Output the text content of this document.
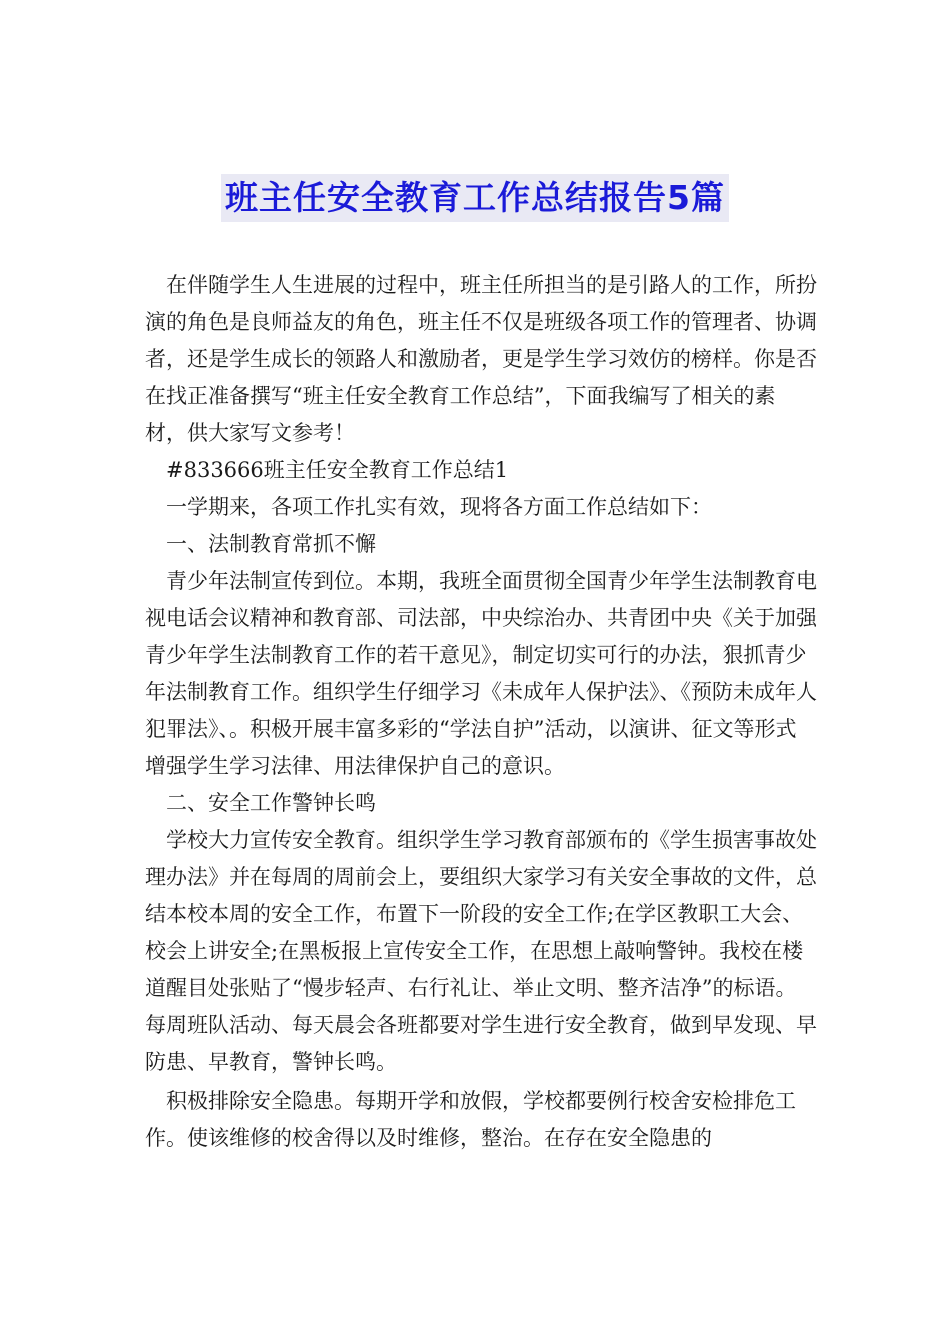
班主任安全教育工作总结报告5篇

在伴随学生人生进展的过程中，班主任所担当的是引路人的工作，所扮演的角色是良师益友的角色，班主任不仅是班级各项工作的管理者、协调者，还是学生成长的领路人和激励者，更是学生学习效仿的榜样。你是否在找正准备撰写“班主任安全教育工作总结”，下面我编写了相关的素材，供大家写文参考！

#833666班主任安全教育工作总结1

一学期来，各项工作扎实有效，现将各方面工作总结如下：

一、法制教育常抓不懈

青少年法制宣传到位。本期，我班全面贯彻全国青少年学生法制教育电视电话会议精神和教育部、司法部，中央综治办、共青团中央《关于加强青少年学生法制教育工作的若干意见》，制定切实可行的办法，狠抓青少年法制教育工作。组织学生仔细学习《未成年人保护法》、《预防未成年人犯罪法》、。积极开展丰富多彩的“学法自护”活动，以演讲、征文等形式增强学生学习法律、用法律保护自己的意识。

二、安全工作警钟长鸣

学校大力宣传安全教育。组织学生学习教育部颁布的《学生损害事故处理办法》并在每周的周前会上，要组织大家学习有关安全事故的文件，总结本校本周的安全工作，布置下一阶段的安全工作;在学区教职工大会、校会上讲安全;在黑板报上宣传安全工作，在思想上敲响警钟。我校在楼道醒目处张贴了“慢步轻声、右行礼让、举止文明、整齐洁净”的标语。每周班队活动、每天晨会各班都要对学生进行安全教育，做到早发现、早防患、早教育，警钟长鸣。

积极排除安全隐患。每期开学和放假，学校都要例行校舍安检排危工作。使该维修的校舍得以及时维修，整治。在存在安全隐患的
